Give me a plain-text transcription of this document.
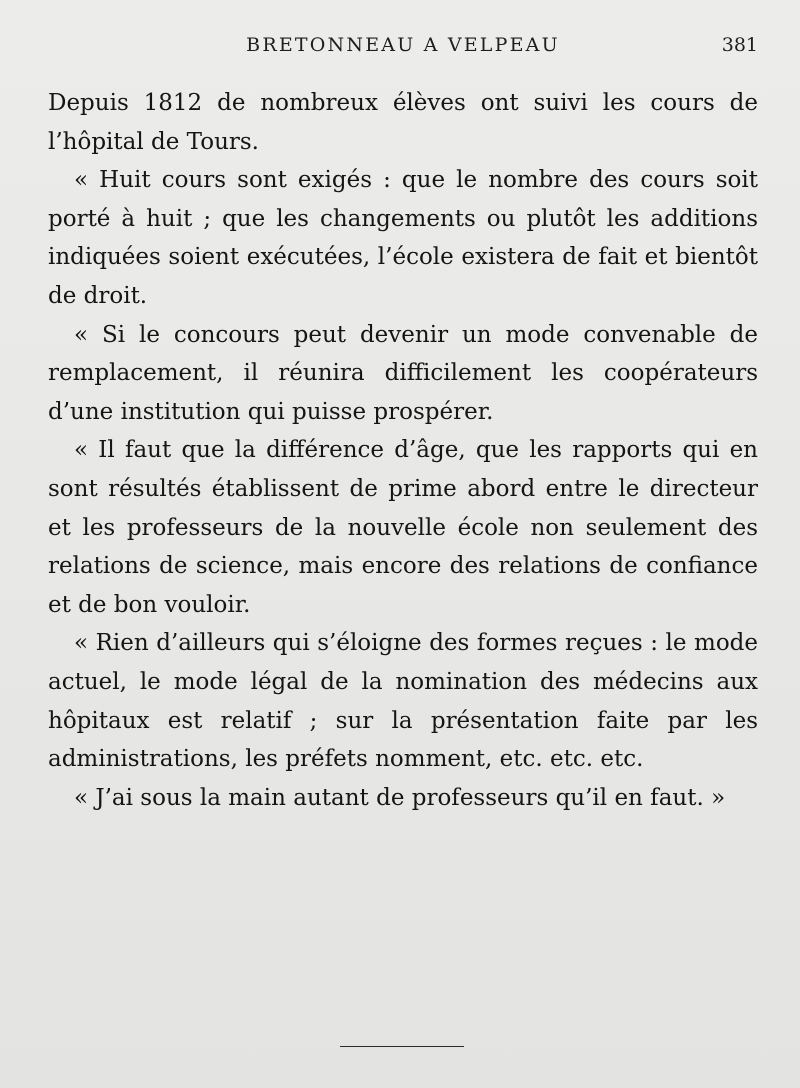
BRETONNEAU A VELPEAU	381

Depuis 1812 de nombreux élèves ont suivi les cours de l’hôpital de Tours.

« Huit cours sont exigés : que le nombre des cours soit porté à huit ; que les changements ou plutôt les additions indiquées soient exécutées, l’école existera de fait et bientôt de droit.

« Si le concours peut devenir un mode convenable de remplacement, il réunira difficilement les coopérateurs d’une institution qui puisse prospérer.

« Il faut que la différence d’âge, que les rapports qui en sont résultés établissent de prime abord entre le directeur et les professeurs de la nouvelle école non seulement des relations de science, mais encore des relations de confiance et de bon vouloir.

« Rien d’ailleurs qui s’éloigne des formes reçues : le mode actuel, le mode légal de la nomination des médecins aux hôpitaux est relatif ; sur la présentation faite par les administrations, les préfets nomment, etc. etc. etc.

« J’ai sous la main autant de professeurs qu’il en faut. »
